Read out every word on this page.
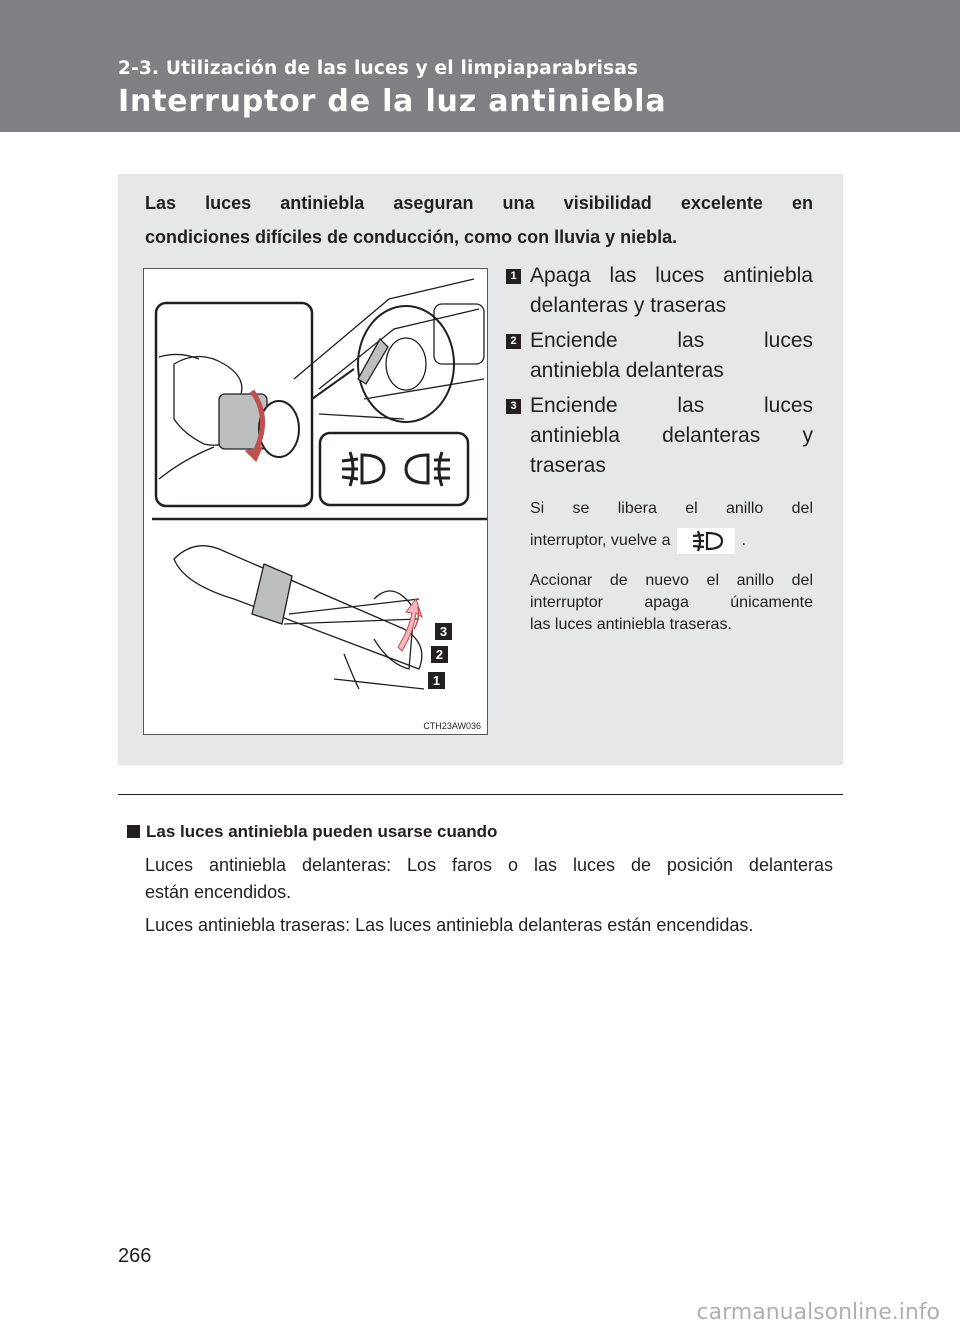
2-3. Utilización de las luces y el limpiaparabrisas
Interruptor de la luz antiniebla
Las luces antiniebla aseguran una visibilidad excelente en
condiciones difíciles de conducción, como con lluvia y niebla.
3
2
1
CTH23AW036
1 Apaga las luces antiniebla
delanteras y traseras
2 Enciende las luces
antiniebla delanteras
3 Enciende las luces
antiniebla delanteras y
traseras
Si se libera el anillo del
interruptor, vuelve a	.
Accionar de nuevo el anillo del
interruptor apaga únicamente
las luces antiniebla traseras.
Las luces antiniebla pueden usarse cuando
Luces antiniebla delanteras: Los faros o las luces de posición delanteras
están encendidos.
Luces antiniebla traseras: Las luces antiniebla delanteras están encendidas.
266
carmanualsonline.info
